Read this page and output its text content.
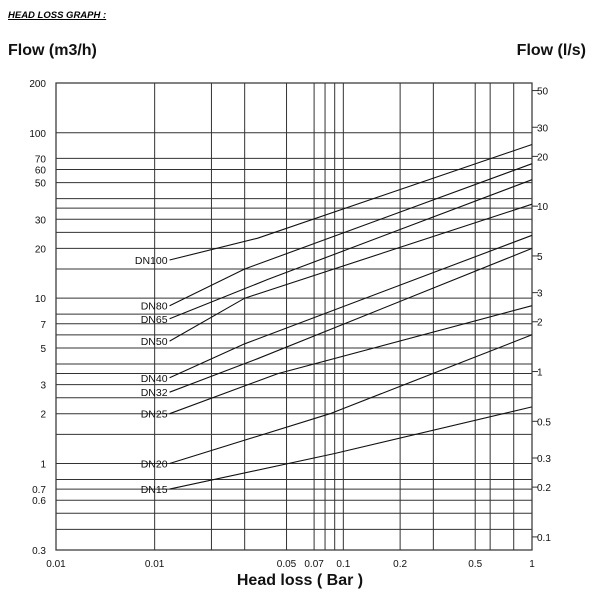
HEAD LOSS GRAPH :
Flow (m3/h)	Flow (l/s)
Head loss ( Bar )
200
100
70
60
50
30
20
10
7
5
3
2
1
0.7
0.6
0.3
50
30
20
10
5
3
2
1
0.5
0.3
0.2
0.1
0.01	0.01	0.05 0.07 0.1	0.2	0.5	1
DN100
DN80
DN65
DN50
DN40
DN32
DN25
DN20
DN15
